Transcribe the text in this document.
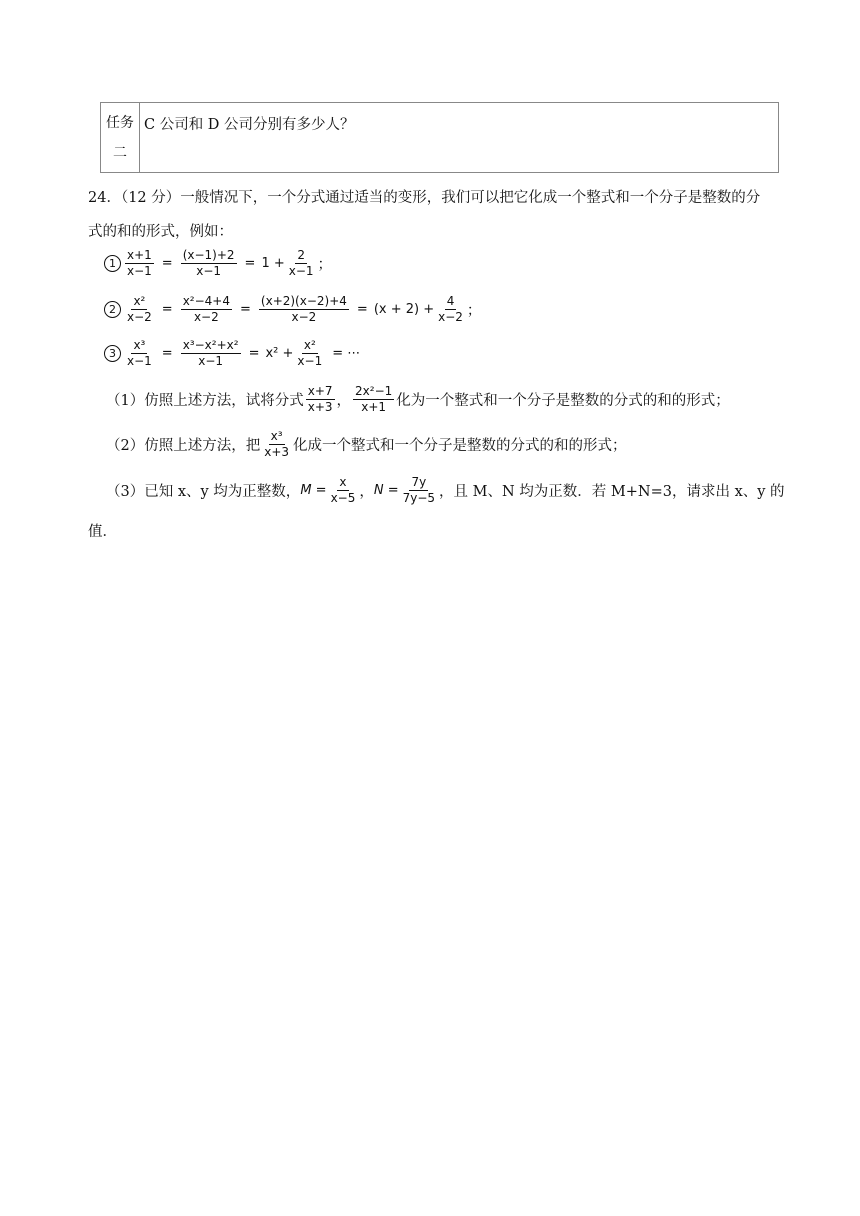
任务
二
C 公司和 D 公司分别有多少人？
24．（12 分）一般情况下，一个分式通过适当的变形，我们可以把它化成一个整式和一个分子是整数的分
式的和的形式，例如：
$1 \frac{x+1}{x-1} = \frac{(x-1)+2}{x-1} = 1 + \frac{2}{x-1}$ ；
$2 \frac{\text{x²}}{x-2} = \frac{\text{x²−4+4}}{x-2} = \frac{(x+2)(x-2)+4}{x-2} = (x + 2) + \frac{4}{x-2}$ ；
$3 \frac{\text{x³}}{x-1} = \frac{\text{x³−x²+x²}}{x-1} = x^2 + \frac{\text{x²}}{x-1}$ = ⋯
（1）仿照上述方法，试将分式 $\frac{x+7}{x+3}$ ， $\frac{\text{2x²−1}}{x+1}$ 化为一个整式和一个分子是整数的分式的和的形式；
（2）仿照上述方法，把 $\frac{\text{x³}}{x+3}$ 化成一个整式和一个分子是整数的分式的和的形式；
（3）已知 x、y 均为正整数， $M = \frac{x}{x-5}$ ， $N = \frac{7y}{7y-5}$ ，且 M、N 均为正数．若 M+N=3，请求出 x、y 的
值．
